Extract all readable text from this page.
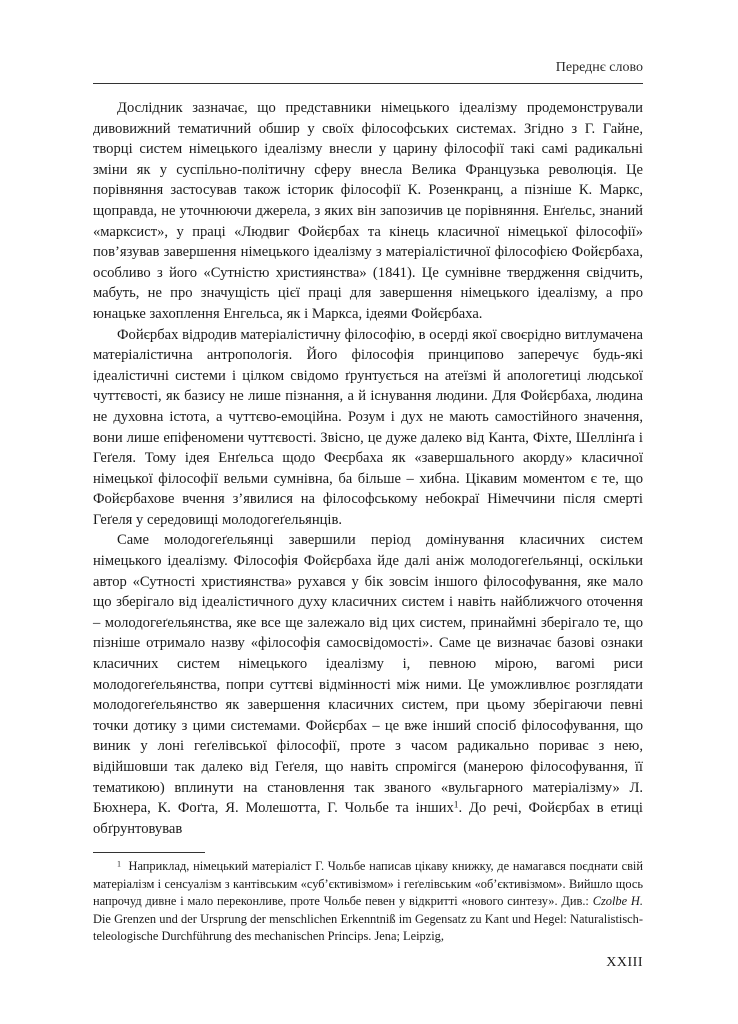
Переднє слово

Дослідник зазначає, що представники німецького ідеалізму продемонстрували дивовижний тематичний обшир у своїх філософських системах. Згідно з Г. Гайне, творці систем німецького ідеалізму внесли у царину філософії такі самі радикальні зміни як у суспільно-політичну сферу внесла Велика Французька революція. Це порівняння застосував також історик філософії К. Розенкранц, а пізніше К. Маркс, щоправда, не уточнюючи джерела, з яких він запозичив це порівняння. Енґельс, знаний «марксист», у праці «Людвиг Фойєрбах та кінець класичної німецької філософії» пов’язував завершення німецького ідеалізму з матеріалістичної філософією Фойєрбаха, особливо з його «Сутністю християнства» (1841). Це сумнівне твердження свідчить, мабуть, не про значущість цієї праці для завершення німецького ідеалізму, а про юнацьке захоплення Енгельса, як і Маркса, ідеями Фойєрбаха.

Фойєрбах відродив матеріалістичну філософію, в осерді якої своєрідно витлумачена матеріалістична антропологія. Його філософія принципово заперечує будь-які ідеалістичні системи і цілком свідомо ґрунтується на атеїзмі й апологетиці людської чуттєвості, як базису не лише пізнання, а й існування людини. Для Фойєрбаха, людина не духовна істота, а чуттєво-емоційна. Розум і дух не мають самостійного значення, вони лише епіфеномени чуттєвості. Звісно, це дуже далеко від Канта, Фіхте, Шеллінґа і Геґеля. Тому ідея Енґельса щодо Феєрбаха як «завершального акорду» класичної німецької філософії вельми сумнівна, ба більше – хибна. Цікавим моментом є те, що Фойєрбахове вчення з’явилися на філософському небокраї Німеччини після смерті Геґеля у середовищі молодогеґельянців.

Саме молодогеґельянці завершили період домінування класичних систем німецького ідеалізму. Філософія Фойєрбаха йде далі аніж молодогеґельянці, оскільки автор «Сутності християнства» рухався у бік зовсім іншого філософування, яке мало що зберігало від ідеалістичного духу класичних систем і навіть найближчого оточення – молодогеґельянства, яке все ще залежало від цих систем, принаймні зберігало те, що пізніше отримало назву «філософія самосвідомості». Саме це визначає базові ознаки класичних систем німецького ідеалізму і, певною мірою, вагомі риси молодогеґельянства, попри суттєві відмінності між ними. Це уможливлює розглядати молодогеґельянство як завершення класичних систем, при цьому зберігаючи певні точки дотику з цими системами. Фойєрбах – це вже інший спосіб філософування, що виник у лоні геґелівської філософії, проте з часом радикально пориває з нею, відійшовши так далеко від Геґеля, що навіть спромігся (манерою філософування, її тематикою) вплинути на становлення так званого «вульгарного матеріалізму» Л. Бюхнера, К. Фоґта, Я. Молешотта, Г. Чольбе та інших$^1$. До речі, Фойєрбах в етиці обґрунтовував

$^1$ Наприклад, німецький матеріаліст Г. Чольбе написав цікаву книжку, де намагався поєднати свій матеріалізм і сенсуалізм з кантівським «суб’єктивізмом» і геґелівським «об’єктивізмом». Вийшло щось напрочуд дивне і мало переконливе, проте Чольбе певен у відкритті «нового синтезу». Див.: Czolbe H. Die Grenzen und der Ursprung der menschlichen Erkenntniß im Gegensatz zu Kant und Hegel: Naturalistisch-teleologische Durchführung des mechanischen Princips. Jena; Leipzig,

XXIII
